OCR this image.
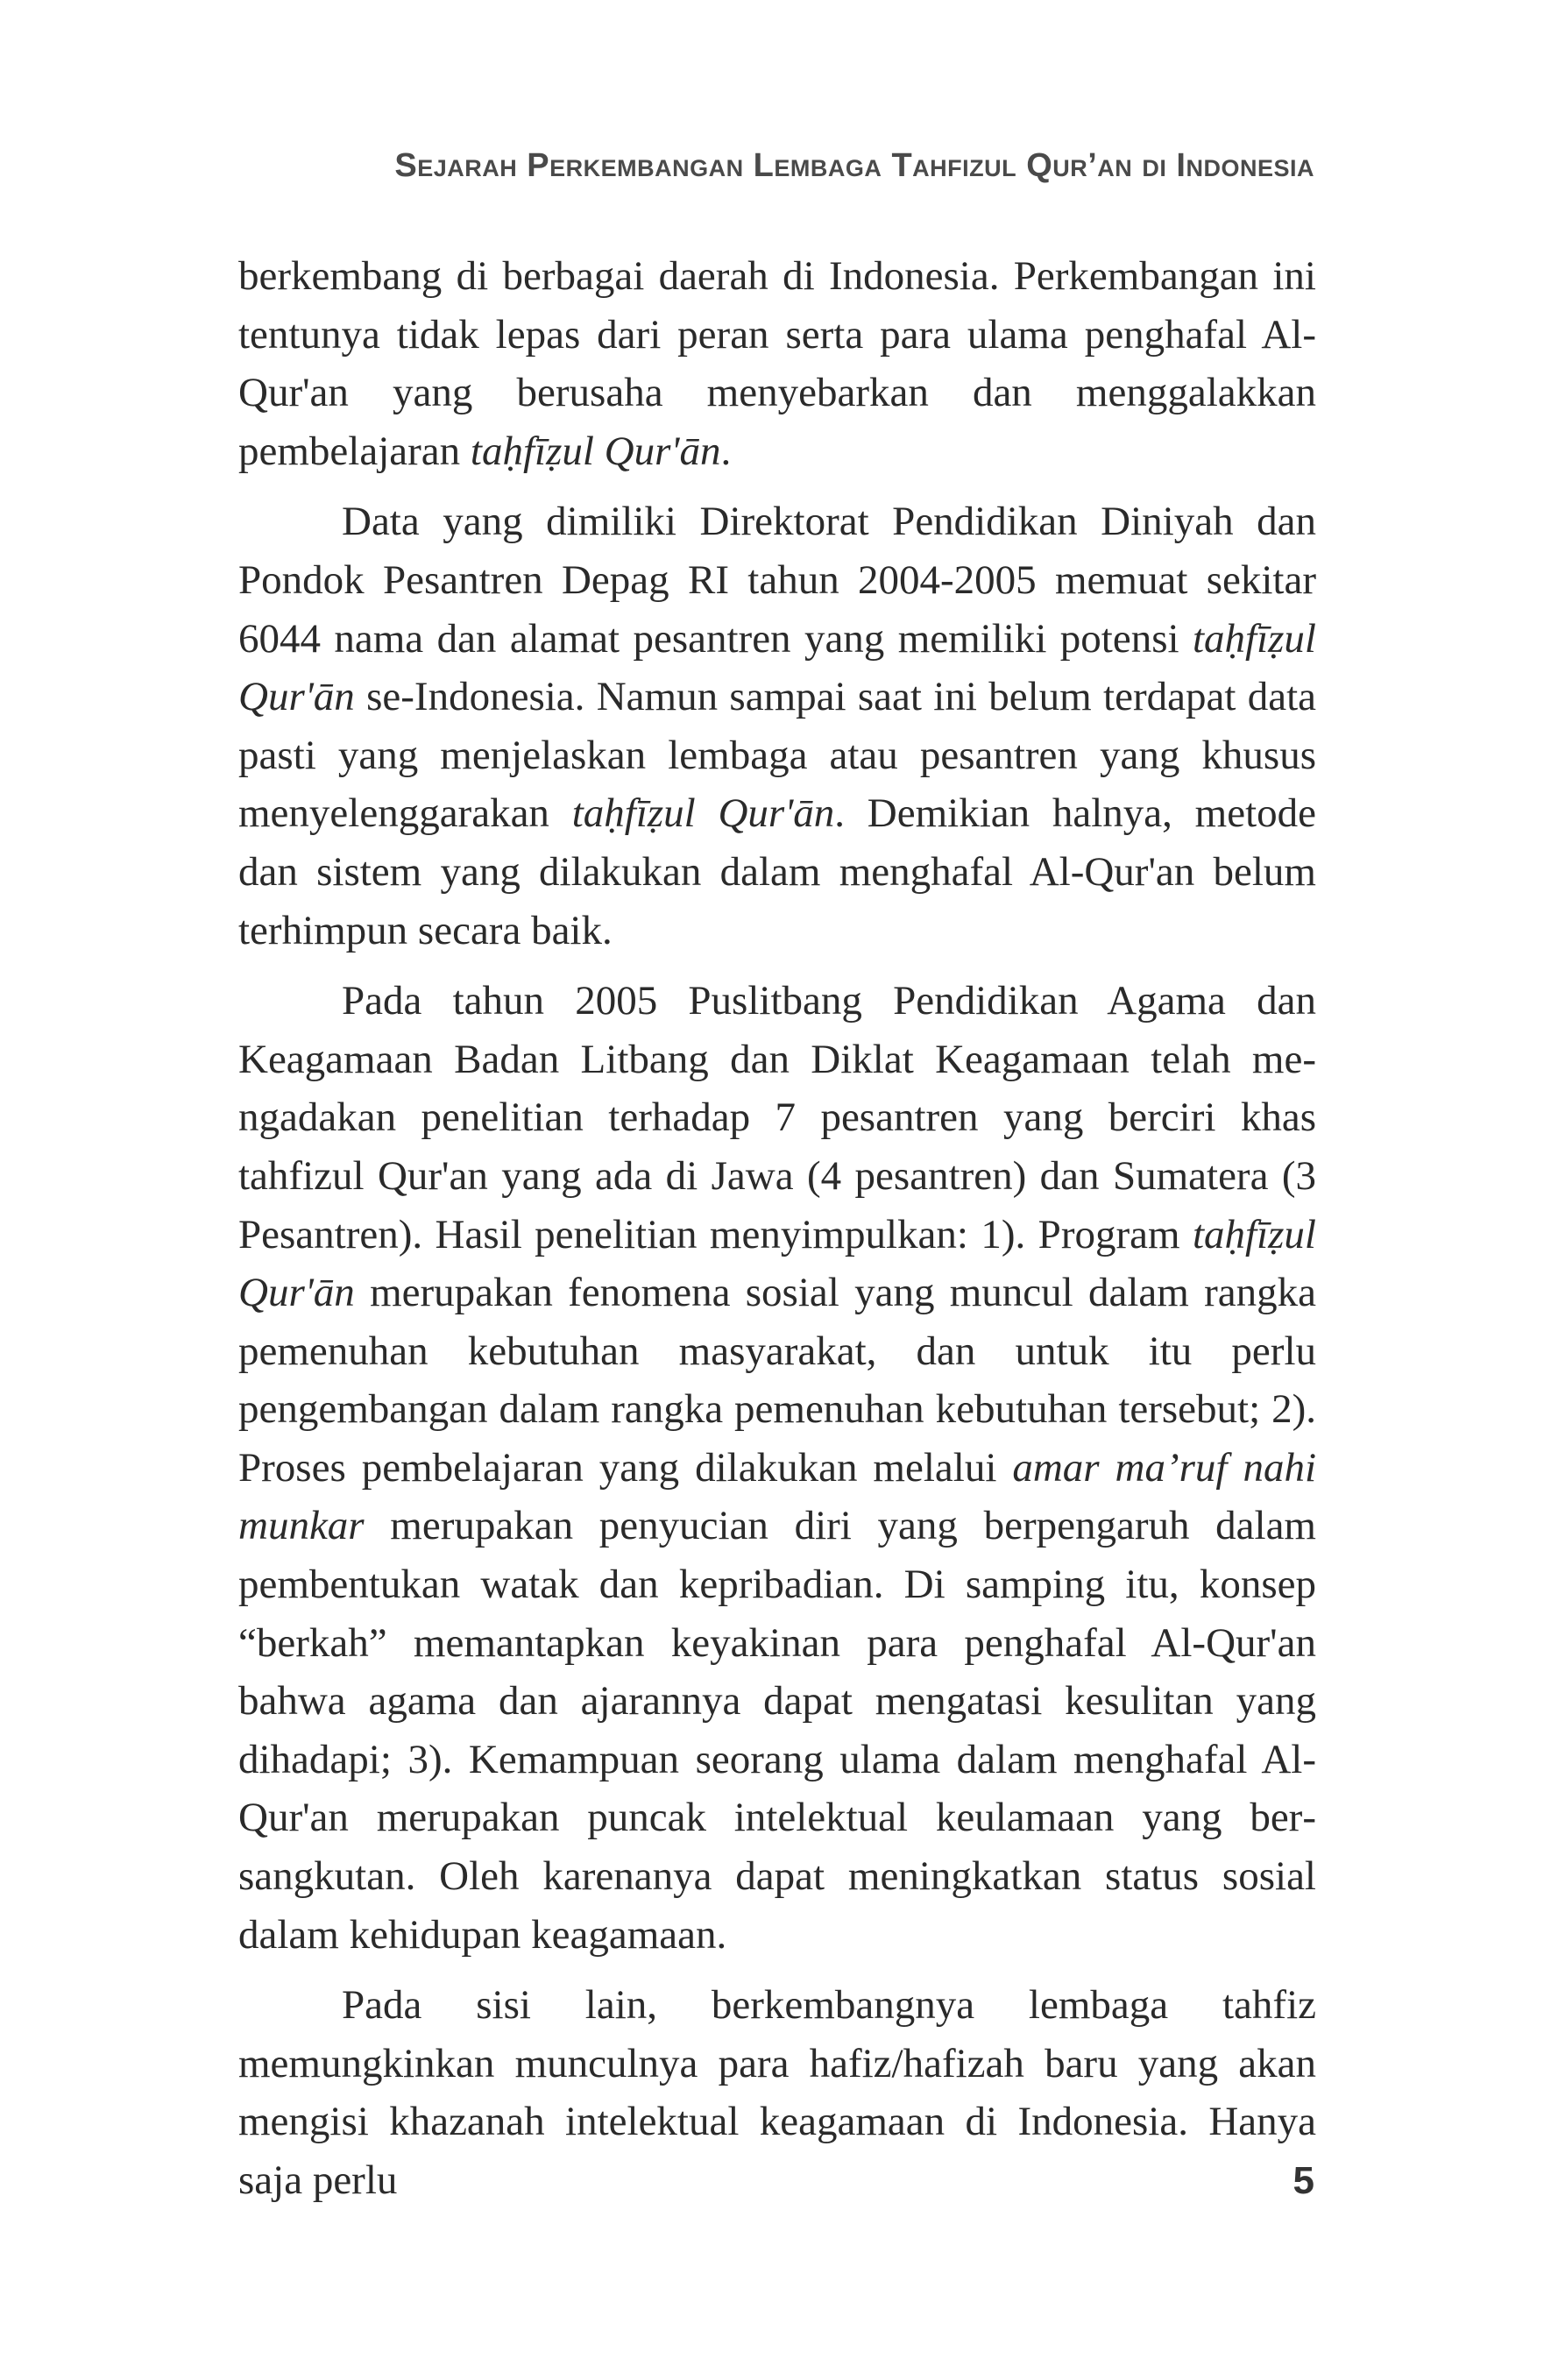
Sejarah Perkembangan Lembaga Tahfizul Qur’an di Indonesia

berkembang di berbagai daerah di Indonesia. Perkembangan ini tentunya tidak lepas dari peran serta para ulama penghafal Al-Qur'an yang berusaha menyebarkan dan menggalakkan pembelajaran taḥfīẓul Qur'ān.

Data yang dimiliki Direktorat Pendidikan Diniyah dan Pondok Pesantren Depag RI tahun 2004-2005 memuat sekitar 6044 nama dan alamat pesantren yang memiliki potensi taḥfīẓul Qur'ān se-Indonesia. Namun sampai saat ini belum terdapat data pasti yang menjelaskan lembaga atau pesantren yang khusus menyelenggarakan taḥfīẓul Qur'ān. Demikian halnya, metode dan sistem yang dilakukan dalam menghafal Al-Qur'an belum terhimpun secara baik.

Pada tahun 2005 Puslitbang Pendidikan Agama dan Keagamaan Badan Litbang dan Diklat Keagamaan telah mengadakan penelitian terhadap 7 pesantren yang berciri khas tahfizul Qur'an yang ada di Jawa (4 pesantren) dan Sumatera (3 Pesantren). Hasil penelitian menyimpulkan: 1). Program taḥfīẓul Qur'ān merupakan fenomena sosial yang muncul dalam rangka pemenuhan kebutuhan masyarakat, dan untuk itu perlu pengembangan dalam rangka pemenuhan kebutuhan tersebut; 2). Proses pembelajaran yang dilakukan melalui amar ma’ruf nahi munkar merupakan penyucian diri yang berpengaruh dalam pembentukan watak dan kepribadian. Di samping itu, konsep “berkah” memantapkan keyakinan para penghafal Al-Qur'an bahwa agama dan ajarannya dapat mengatasi kesulitan yang dihadapi; 3). Kemampuan seorang ulama dalam menghafal Al-Qur'an merupakan puncak intelektual keulamaan yang bersangkutan. Oleh karenanya dapat meningkatkan status sosial dalam kehidupan keagamaan.

Pada sisi lain, berkembangnya lembaga tahfiz memungkinkan munculnya para hafiz/hafizah baru yang akan mengisi khazanah intelektual keagamaan di Indonesia. Hanya saja perlu	5
